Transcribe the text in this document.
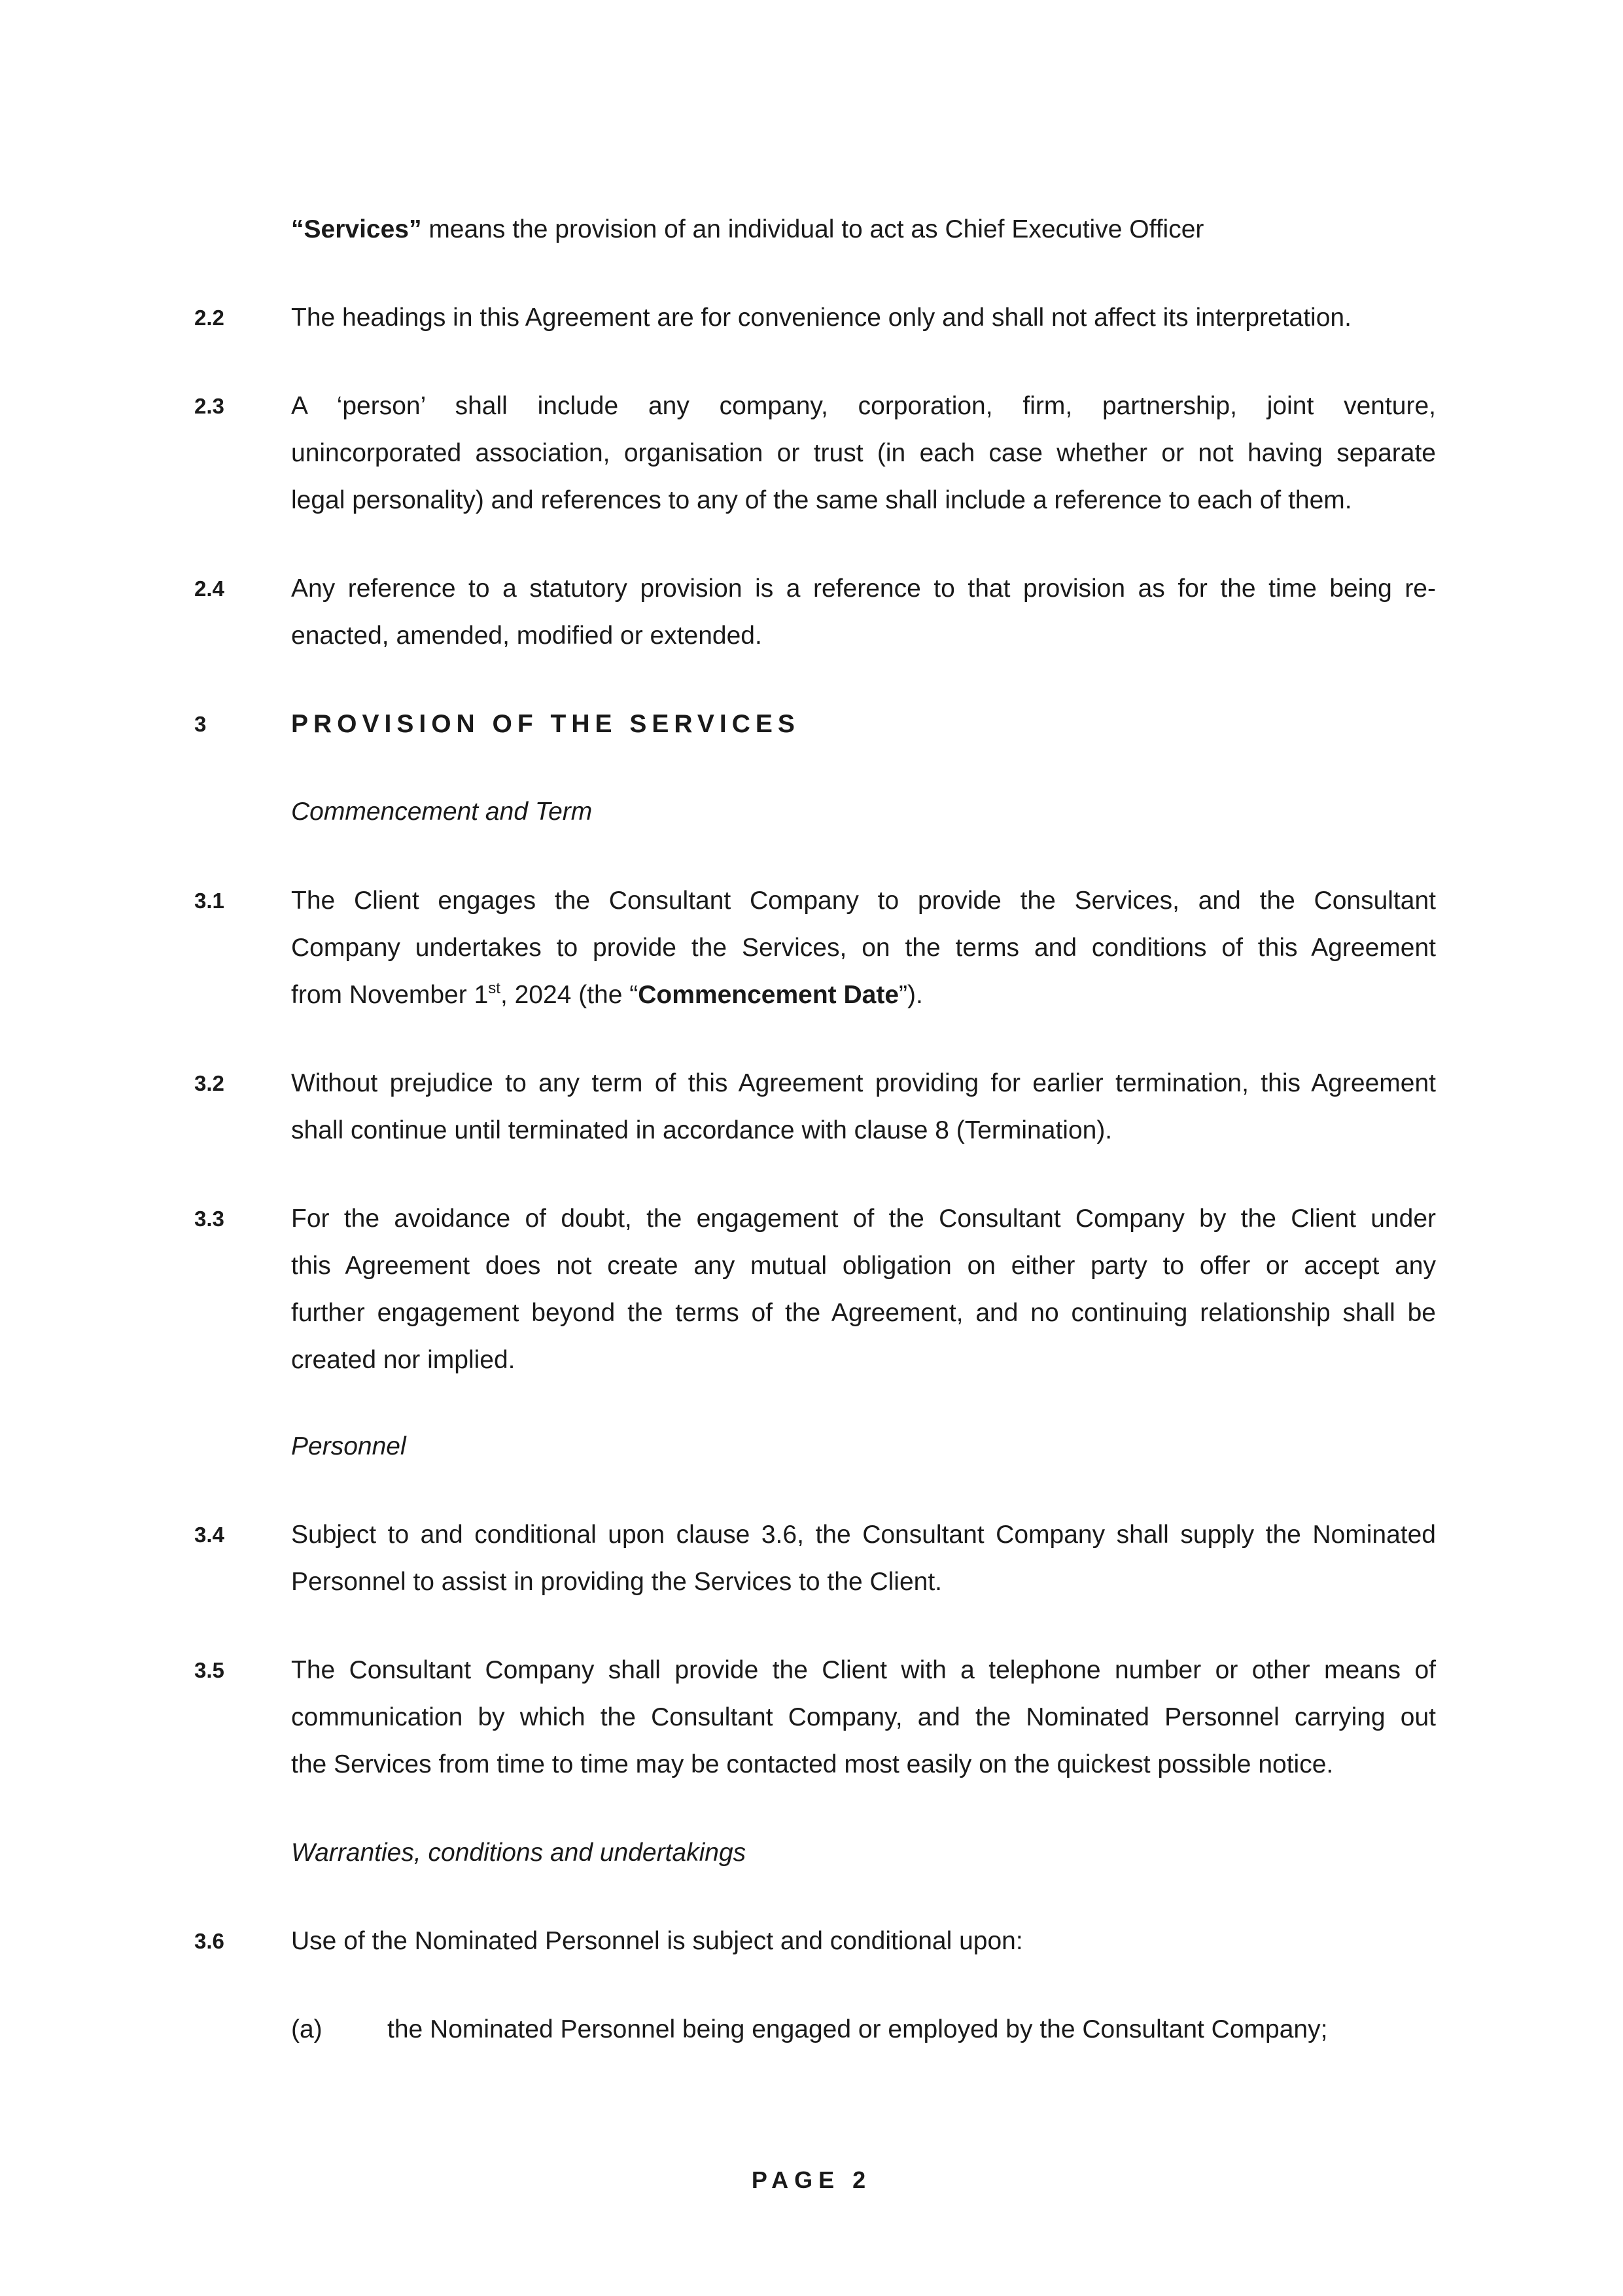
“Services” means the provision of an individual to act as Chief Executive Officer
2.2	The headings in this Agreement are for convenience only and shall not affect its interpretation.
2.3	A ‘person’ shall include any company, corporation, firm, partnership, joint venture,
unincorporated association, organisation or trust (in each case whether or not having separate
legal personality) and references to any of the same shall include a reference to each of them.
2.4	Any reference to a statutory provision is a reference to that provision as for the time being re-
enacted, amended, modified or extended.
3	PROVISION OF THE SERVICES
Commencement and Term
3.1	The Client engages the Consultant Company to provide the Services, and the Consultant
Company undertakes to provide the Services, on the terms and conditions of this Agreement
from November 1st, 2024 (the “Commencement Date”).
3.2	Without prejudice to any term of this Agreement providing for earlier termination, this Agreement
shall continue until terminated in accordance with clause 8 (Termination).
3.3	For the avoidance of doubt, the engagement of the Consultant Company by the Client under
this Agreement does not create any mutual obligation on either party to offer or accept any
further engagement beyond the terms of the Agreement, and no continuing relationship shall be
created nor implied.
Personnel
3.4	Subject to and conditional upon clause 3.6, the Consultant Company shall supply the Nominated
Personnel to assist in providing the Services to the Client.
3.5	The Consultant Company shall provide the Client with a telephone number or other means of
communication by which the Consultant Company, and the Nominated Personnel carrying out
the Services from time to time may be contacted most easily on the quickest possible notice.
Warranties, conditions and undertakings
3.6	Use of the Nominated Personnel is subject and conditional upon:
(a)	the Nominated Personnel being engaged or employed by the Consultant Company;
PAGE 2
